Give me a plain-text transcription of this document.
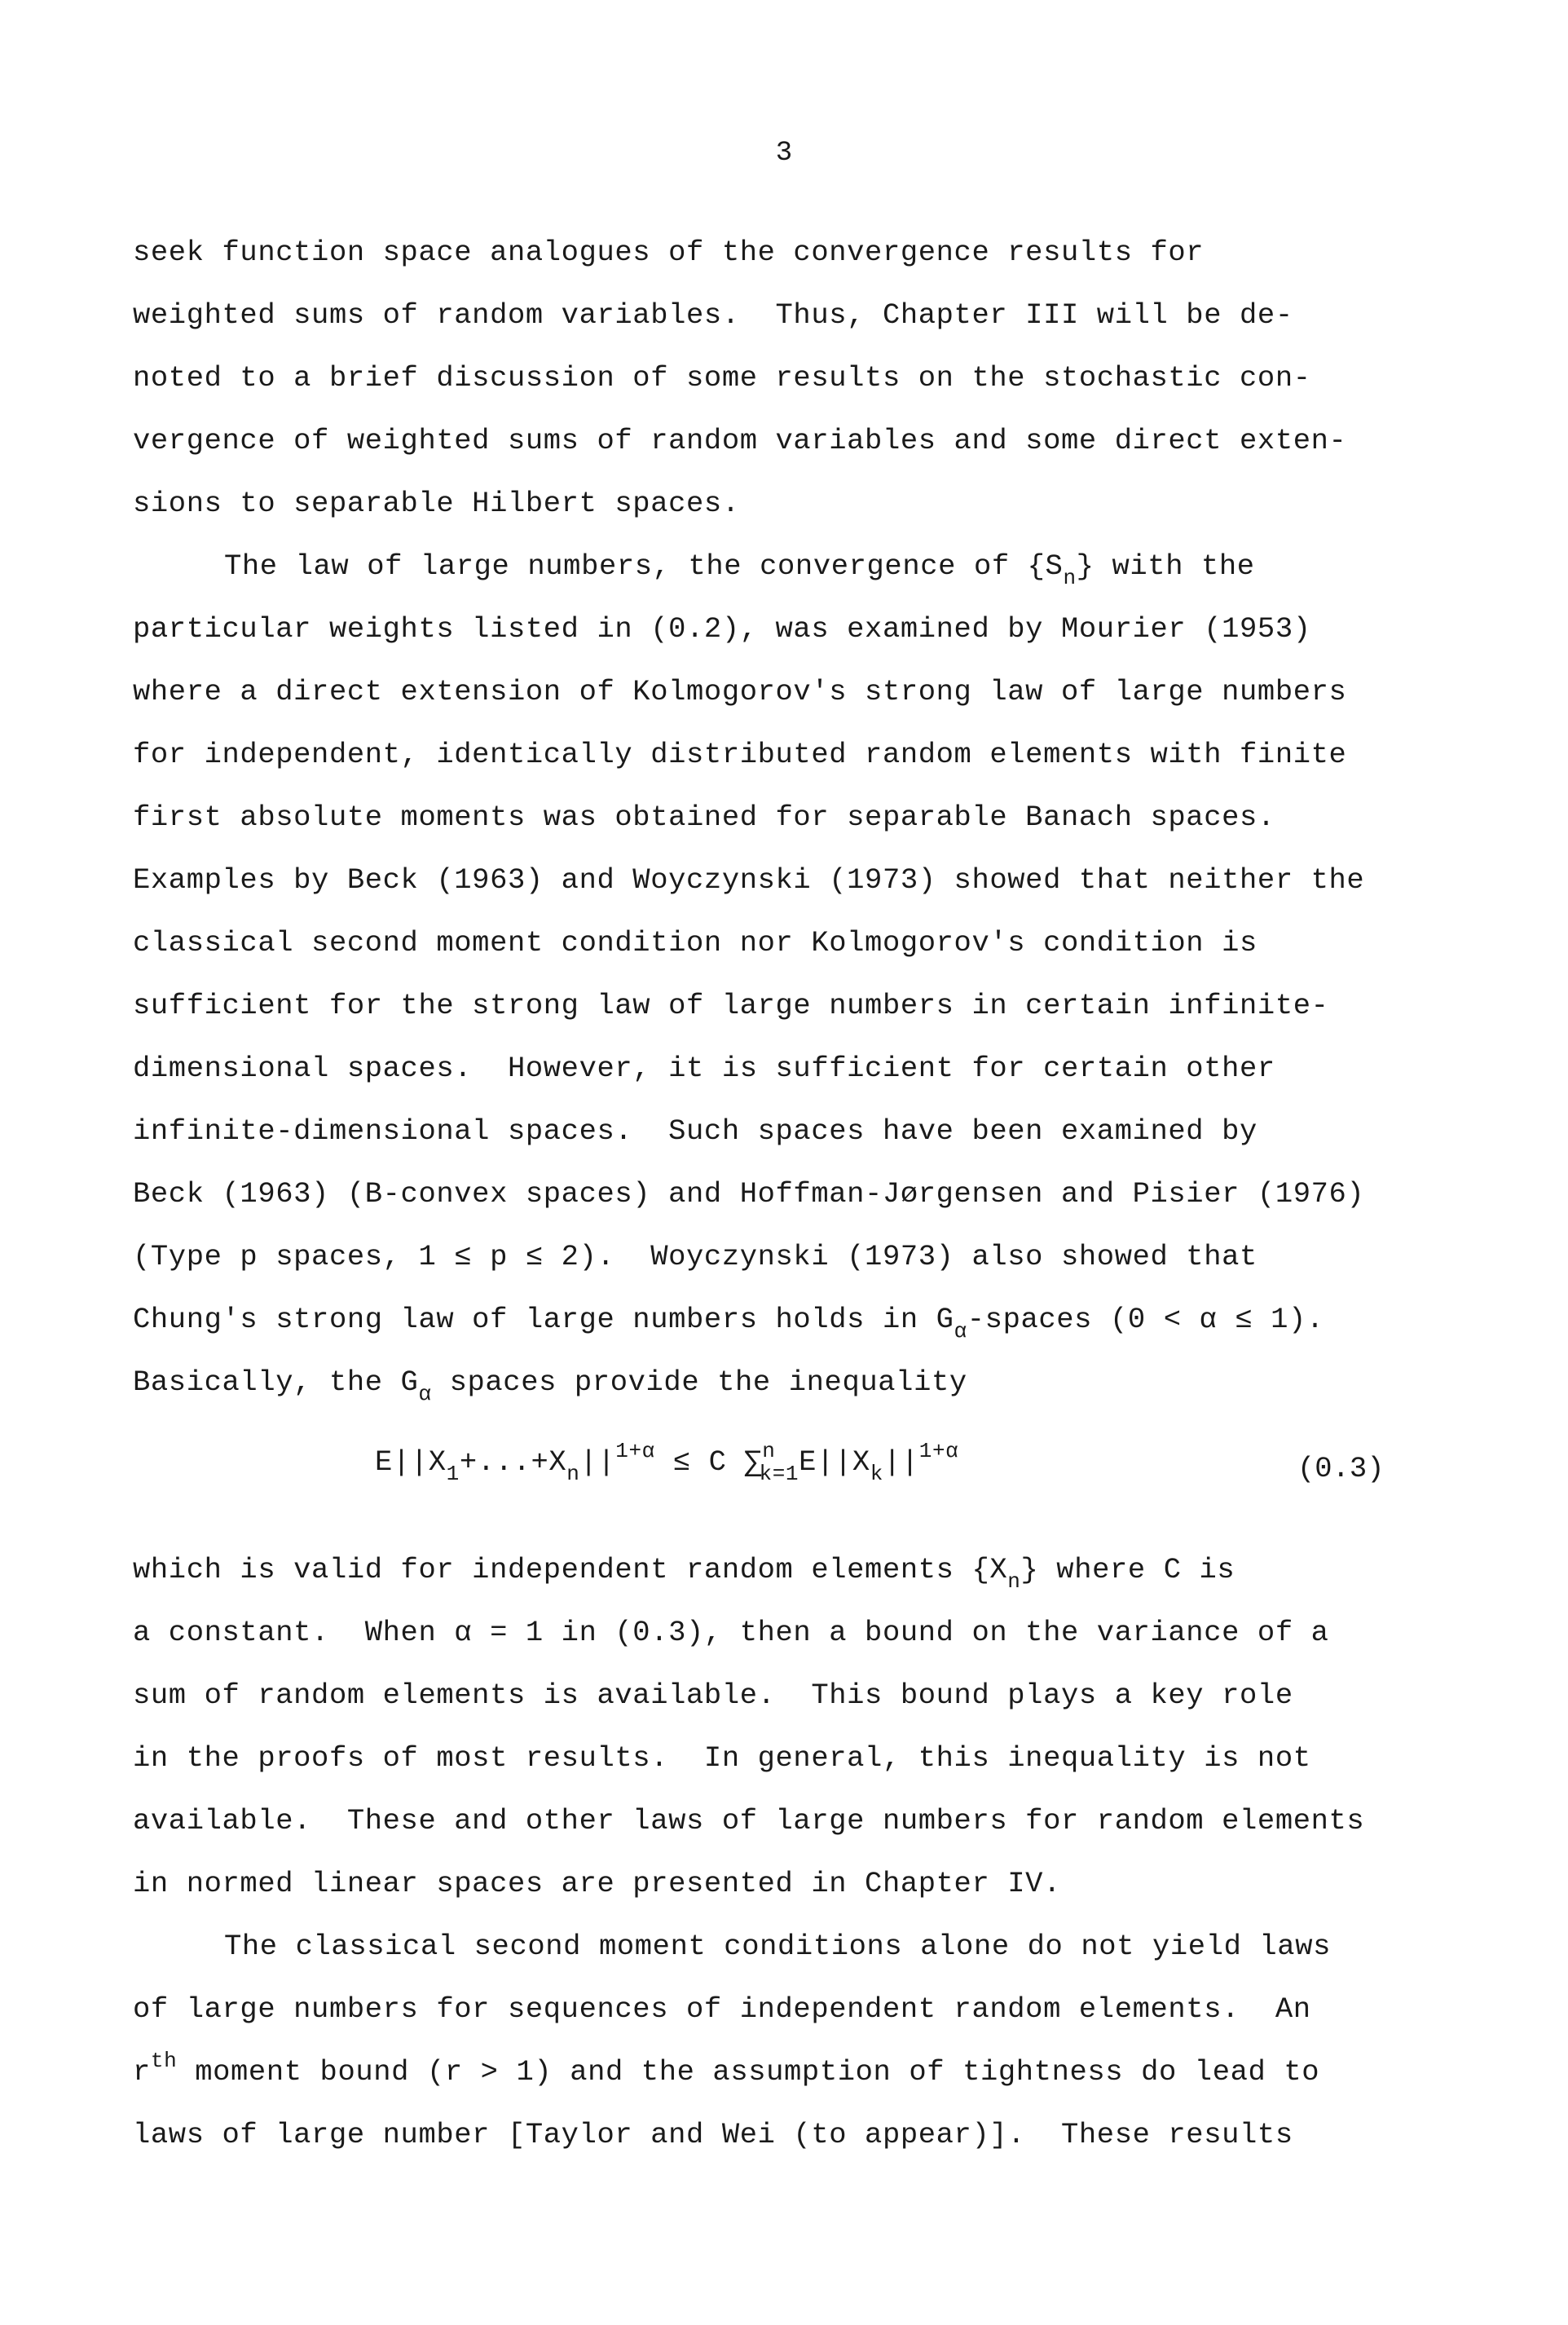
3
seek function space analogues of the convergence results for
weighted sums of random variables.  Thus, Chapter III will be de-
noted to a brief discussion of some results on the stochastic con-
vergence of weighted sums of random variables and some direct exten-
sions to separable Hilbert spaces.
The law of large numbers, the convergence of $\{S_n\}$ with the
particular weights listed in (0.2), was examined by Mourier (1953)
where a direct extension of Kolmogorov's strong law of large numbers
for independent, identically distributed random elements with finite
first absolute moments was obtained for separable Banach spaces.
Examples by Beck (1963) and Woyczynski (1973) showed that neither the
classical second moment condition nor Kolmogorov's condition is
sufficient for the strong law of large numbers in certain infinite-
dimensional spaces.  However, it is sufficient for certain other
infinite-dimensional spaces.  Such spaces have been examined by
Beck (1963) (B-convex spaces) and Hoffman-Jørgensen and Pisier (1976)
(Type p spaces, 1 ≤ p ≤ 2).  Woyczynski (1973) also showed that
Chung's strong law of large numbers holds in $G_\alpha$-spaces (0 < α ≤ 1).
Basically, the $G_\alpha$ spaces provide the inequality
$E||X_1+...+X_n||^{1+\alpha} \le C$ $\sum^n_{k=1}E||X_k||^{1+\alpha}$
(0.3)
which is valid for independent random elements $\{X_n\}$ where C is
a constant.  When α = 1 in (0.3), then a bound on the variance of a
sum of random elements is available.  This bound plays a key role
in the proofs of most results.  In general, this inequality is not
available.  These and other laws of large numbers for random elements
in normed linear spaces are presented in Chapter IV.
The classical second moment conditions alone do not yield laws
of large numbers for sequences of independent random elements.  An
$r^{th}$ moment bound (r > 1) and the assumption of tightness do lead to
laws of large number [Taylor and Wei (to appear)].  These results
